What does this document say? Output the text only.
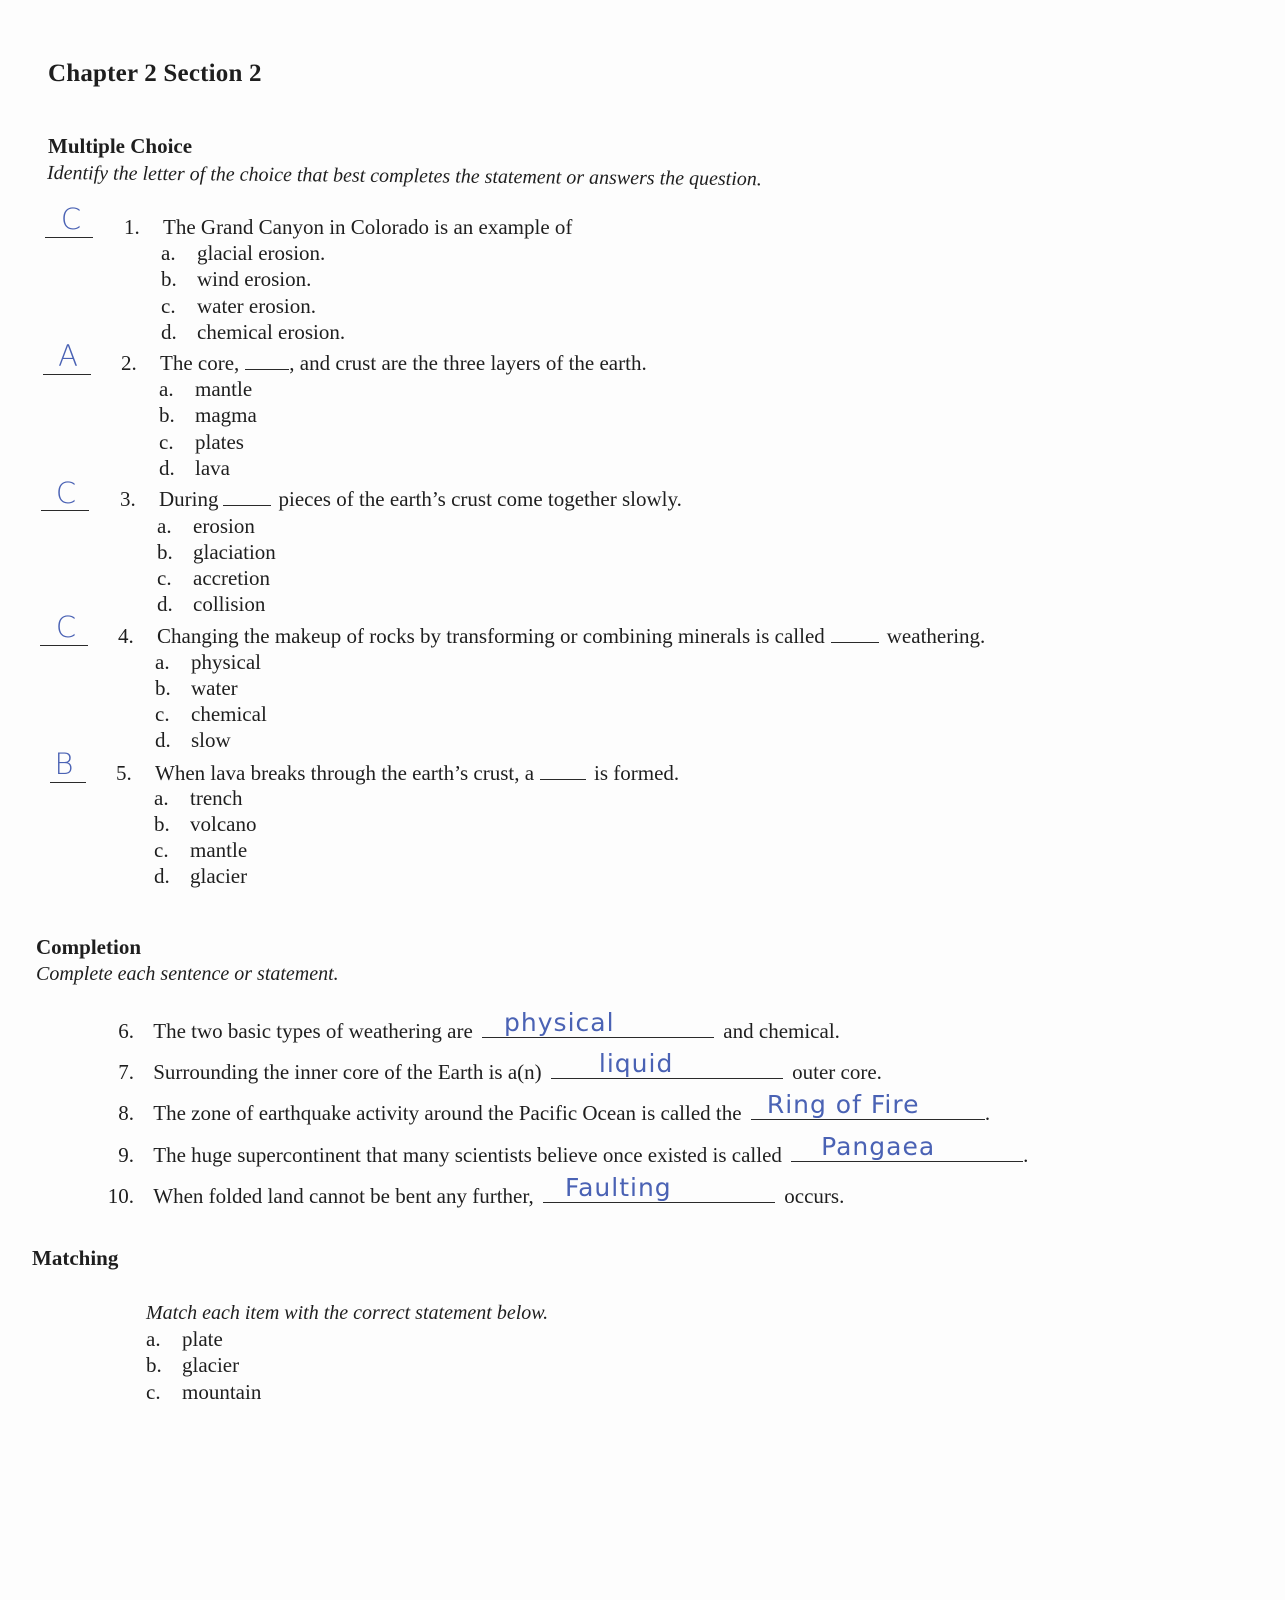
Chapter 2 Section 2
Multiple Choice
Identify the letter of the choice that best completes the statement or answers the question.
C	1. The Grand Canyon in Colorado is an example of
a. glacial erosion.
b. wind erosion.
c. water erosion.
d. chemical erosion.
A	2. The core, , and crust are the three layers of the earth.
a. mantle
b. magma
c. plates
d. lava
C	3. During	pieces of the earth’s crust come together slowly.
a. erosion
b. glaciation
c. accretion
d. collision
C	4. Changing the makeup of rocks by transforming or combining minerals is called	weathering.
a. physical
b. water
c. chemical
d. slow
B	5. When lava breaks through the earth’s crust, a	is formed.
a. trench
b. volcano
c. mantle
d. glacier
Completion
Complete each sentence or statement.
6. The two basic types of weathering are physical	and chemical.
7. Surrounding the inner core of the Earth is a(n) liquid	outer core.
8. The zone of earthquake activity around the Pacific Ocean is called the Ring of Fire	.
9. The huge supercontinent that many scientists believe once existed is called Pangaea	.
10. When folded land cannot be bent any further, Faulting	occurs.
Matching
Match each item with the correct statement below.
a. plate
b. glacier
c. mountain
